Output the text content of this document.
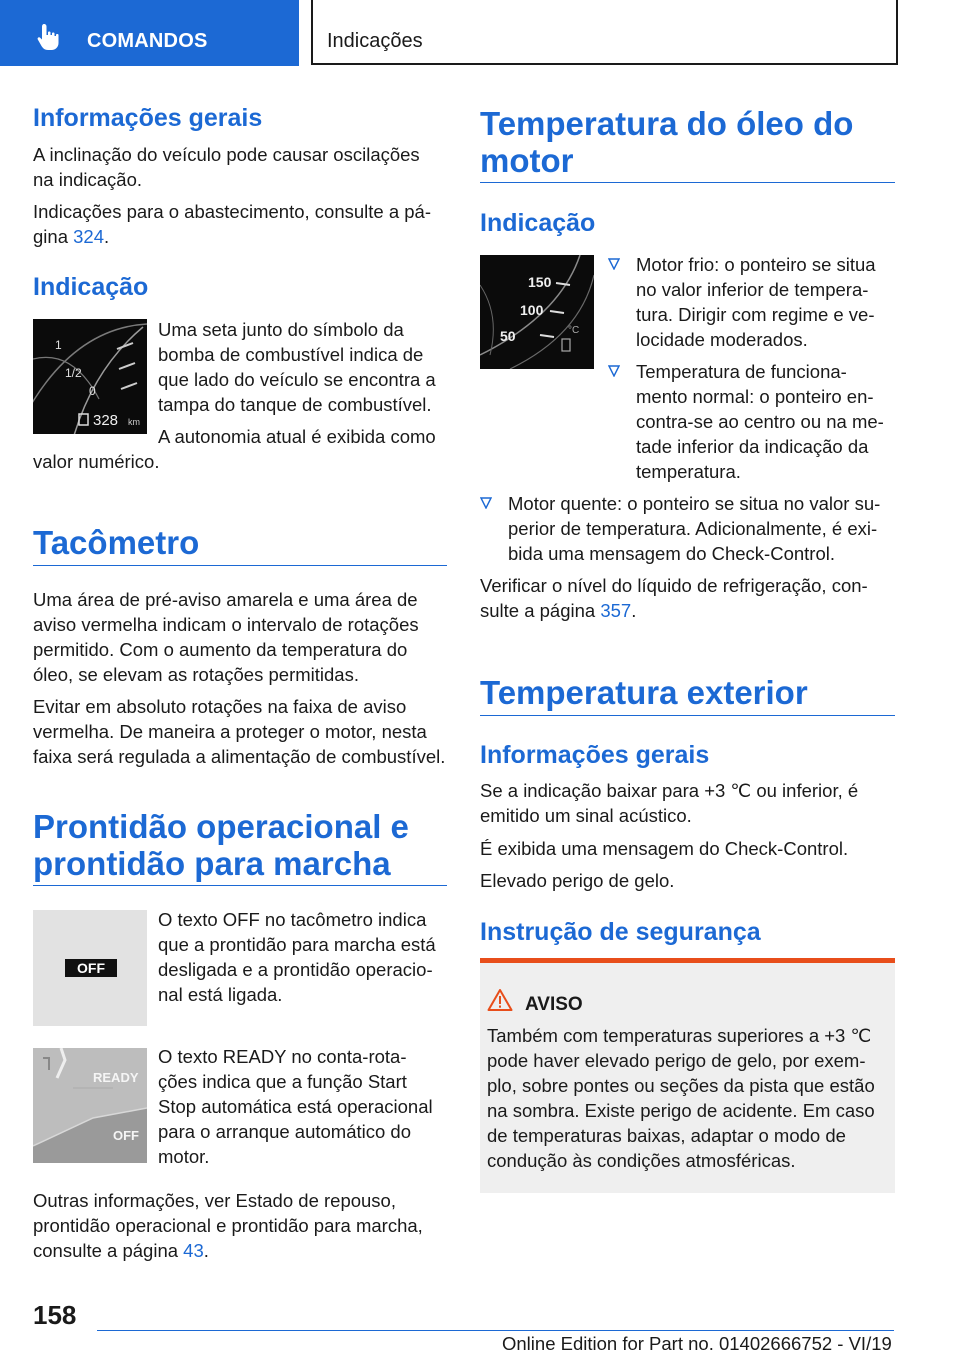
COMANDOS	Indicações
Informações gerais

A inclinação do veículo pode causar oscilações

na indicação.

Indicações para o abastecimento, consulte a pá‐

gina 324.

Indicação
1
1/2
0
328 km

Uma seta junto do símbolo da

bomba de combustível indica de

que lado do veículo se encontra a

tampa do tanque de combustível.

A autonomia atual é exibida como

valor numérico.

Tacômetro

Uma área de pré-aviso amarela e uma área de

aviso vermelha indicam o intervalo de rotações

permitido. Com o aumento da temperatura do

óleo, se elevam as rotações permitidas.

Evitar em absoluto rotações na faixa de aviso

vermelha. De maneira a proteger o motor, nesta

faixa será regulada a alimentação de combustível.

Prontidão operacional e
prontidão para marcha
OFF

O texto OFF no tacômetro indica

que a prontidão para marcha está

desligada e a prontidão operacio‐

nal está ligada.

READY
OFF

O texto READY no conta-rota‐

ções indica que a função Start

Stop automática está operacional

para o arranque automático do

motor.

Outras informações, ver Estado de repouso,

prontidão operacional e prontidão para marcha,

consulte a página 43.

Temperatura do óleo do
motor
Indicação
150
100
50	°C
Motor frio: o ponteiro se situa
no valor inferior de tempera‐
tura. Dirigir com regime e ve‐
locidade moderados.
Temperatura de funciona‐
mento normal: o ponteiro en‐
contra-se ao centro ou na me‐
tade inferior da indicação da
temperatura.
Motor quente: o ponteiro se situa no valor su‐
perior de temperatura. Adicionalmente, é exi‐
bida uma mensagem do Check-Control.

Verificar o nível do líquido de refrigeração, con‐

sulte a página 357.

Temperatura exterior
Informações gerais

Se a indicação baixar para +3 ℃ ou inferior, é

emitido um sinal acústico.

É exibida uma mensagem do Check-Control.

Elevado perigo de gelo.

Instrução de segurança
AVISO
Também com temperaturas superiores a +3 ℃
pode haver elevado perigo de gelo, por exem‐
plo, sobre pontes ou seções da pista que estão
na sombra. Existe perigo de acidente. Em caso
de temperaturas baixas, adaptar o modo de
condução às condições atmosféricas.
158
Online Edition for Part no. 01402666752 - VI/19
